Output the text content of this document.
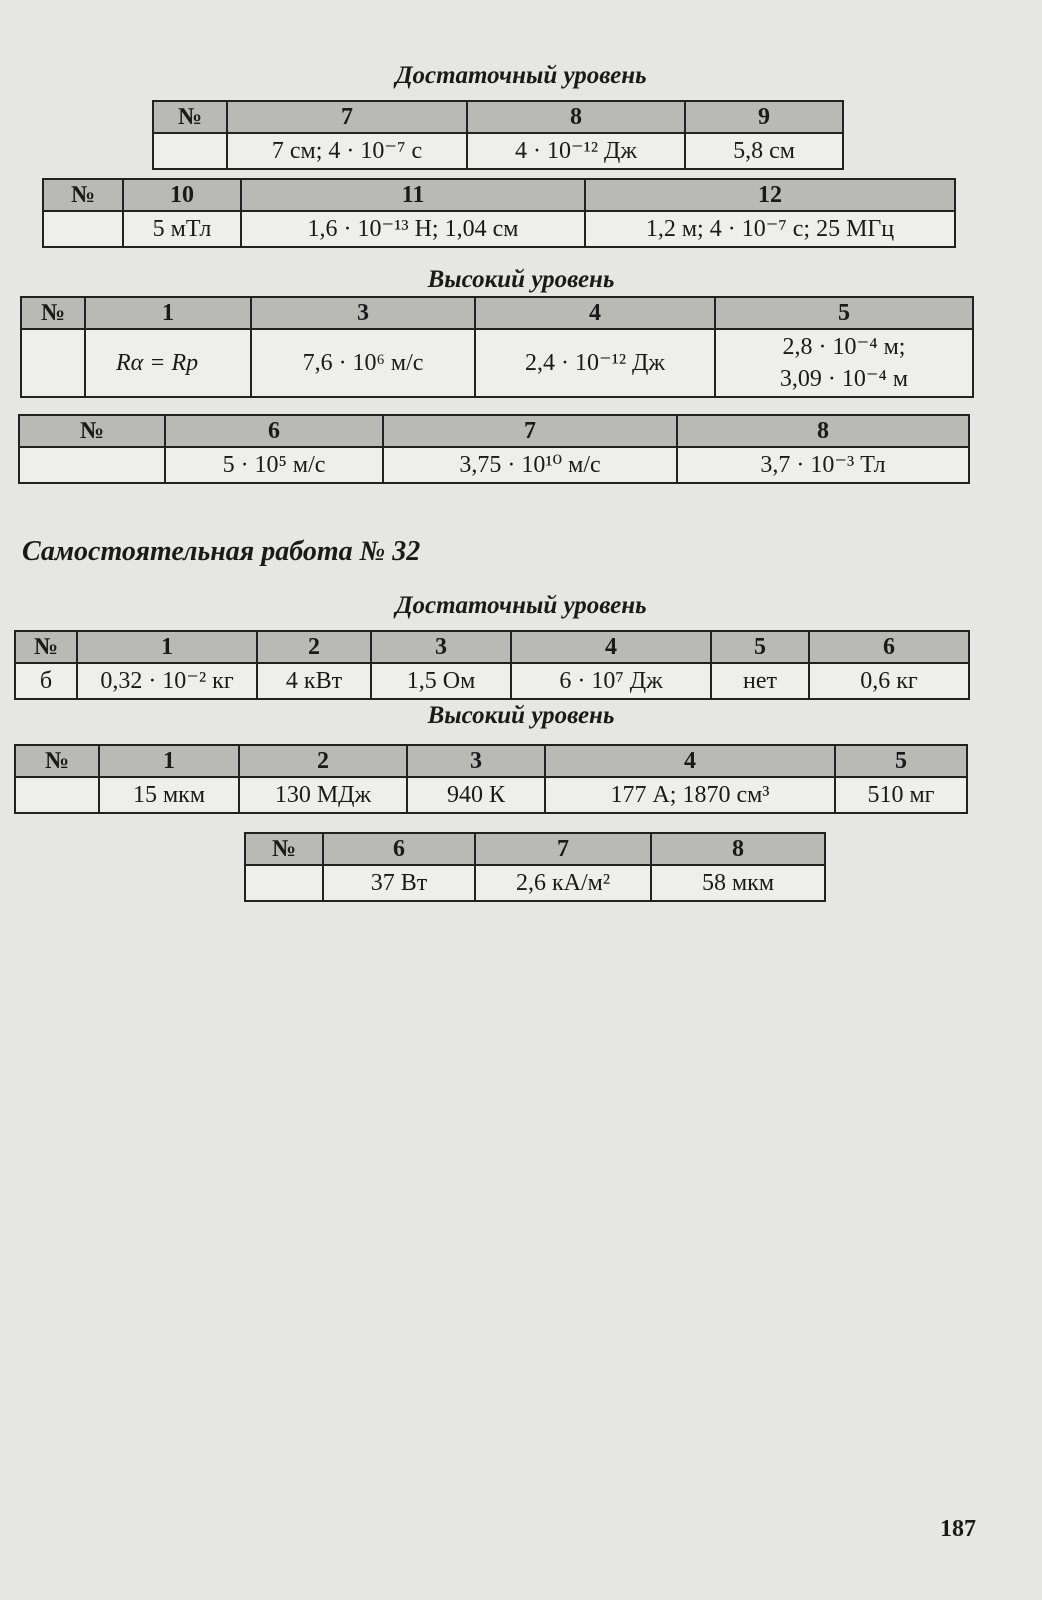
Достаточный уровень
№	7	8	9
	7 см; 4 · 10⁻⁷ с	4 · 10⁻¹² Дж	5,8 см
№	10	11	12
	5 мТл	1,6 · 10⁻¹³ Н; 1,04 см	1,2 м; 4 · 10⁻⁷ с; 25 МГц
Высокий уровень
№	1	3	4	5
	Rα = Rp	7,6 · 10⁶ м/с	2,4 · 10⁻¹² Дж	2,8 · 10⁻⁴ м;
3,09 · 10⁻⁴ м
№	6	7	8
	5 · 10⁵ м/с	3,75 · 10¹⁰ м/с	3,7 · 10⁻³ Тл
Самостоятельная работа № 32
Достаточный уровень
№	1	2	3	4	5	6
б	0,32 · 10⁻² кг	4 кВт	1,5 Ом	6 · 10⁷ Дж	нет	0,6 кг
Высокий уровень
№	1	2	3	4	5
	15 мкм	130 МДж	940 К	177 А; 1870 см³	510 мг
№	6	7	8
	37 Вт	2,6 кА/м²	58 мкм
187
